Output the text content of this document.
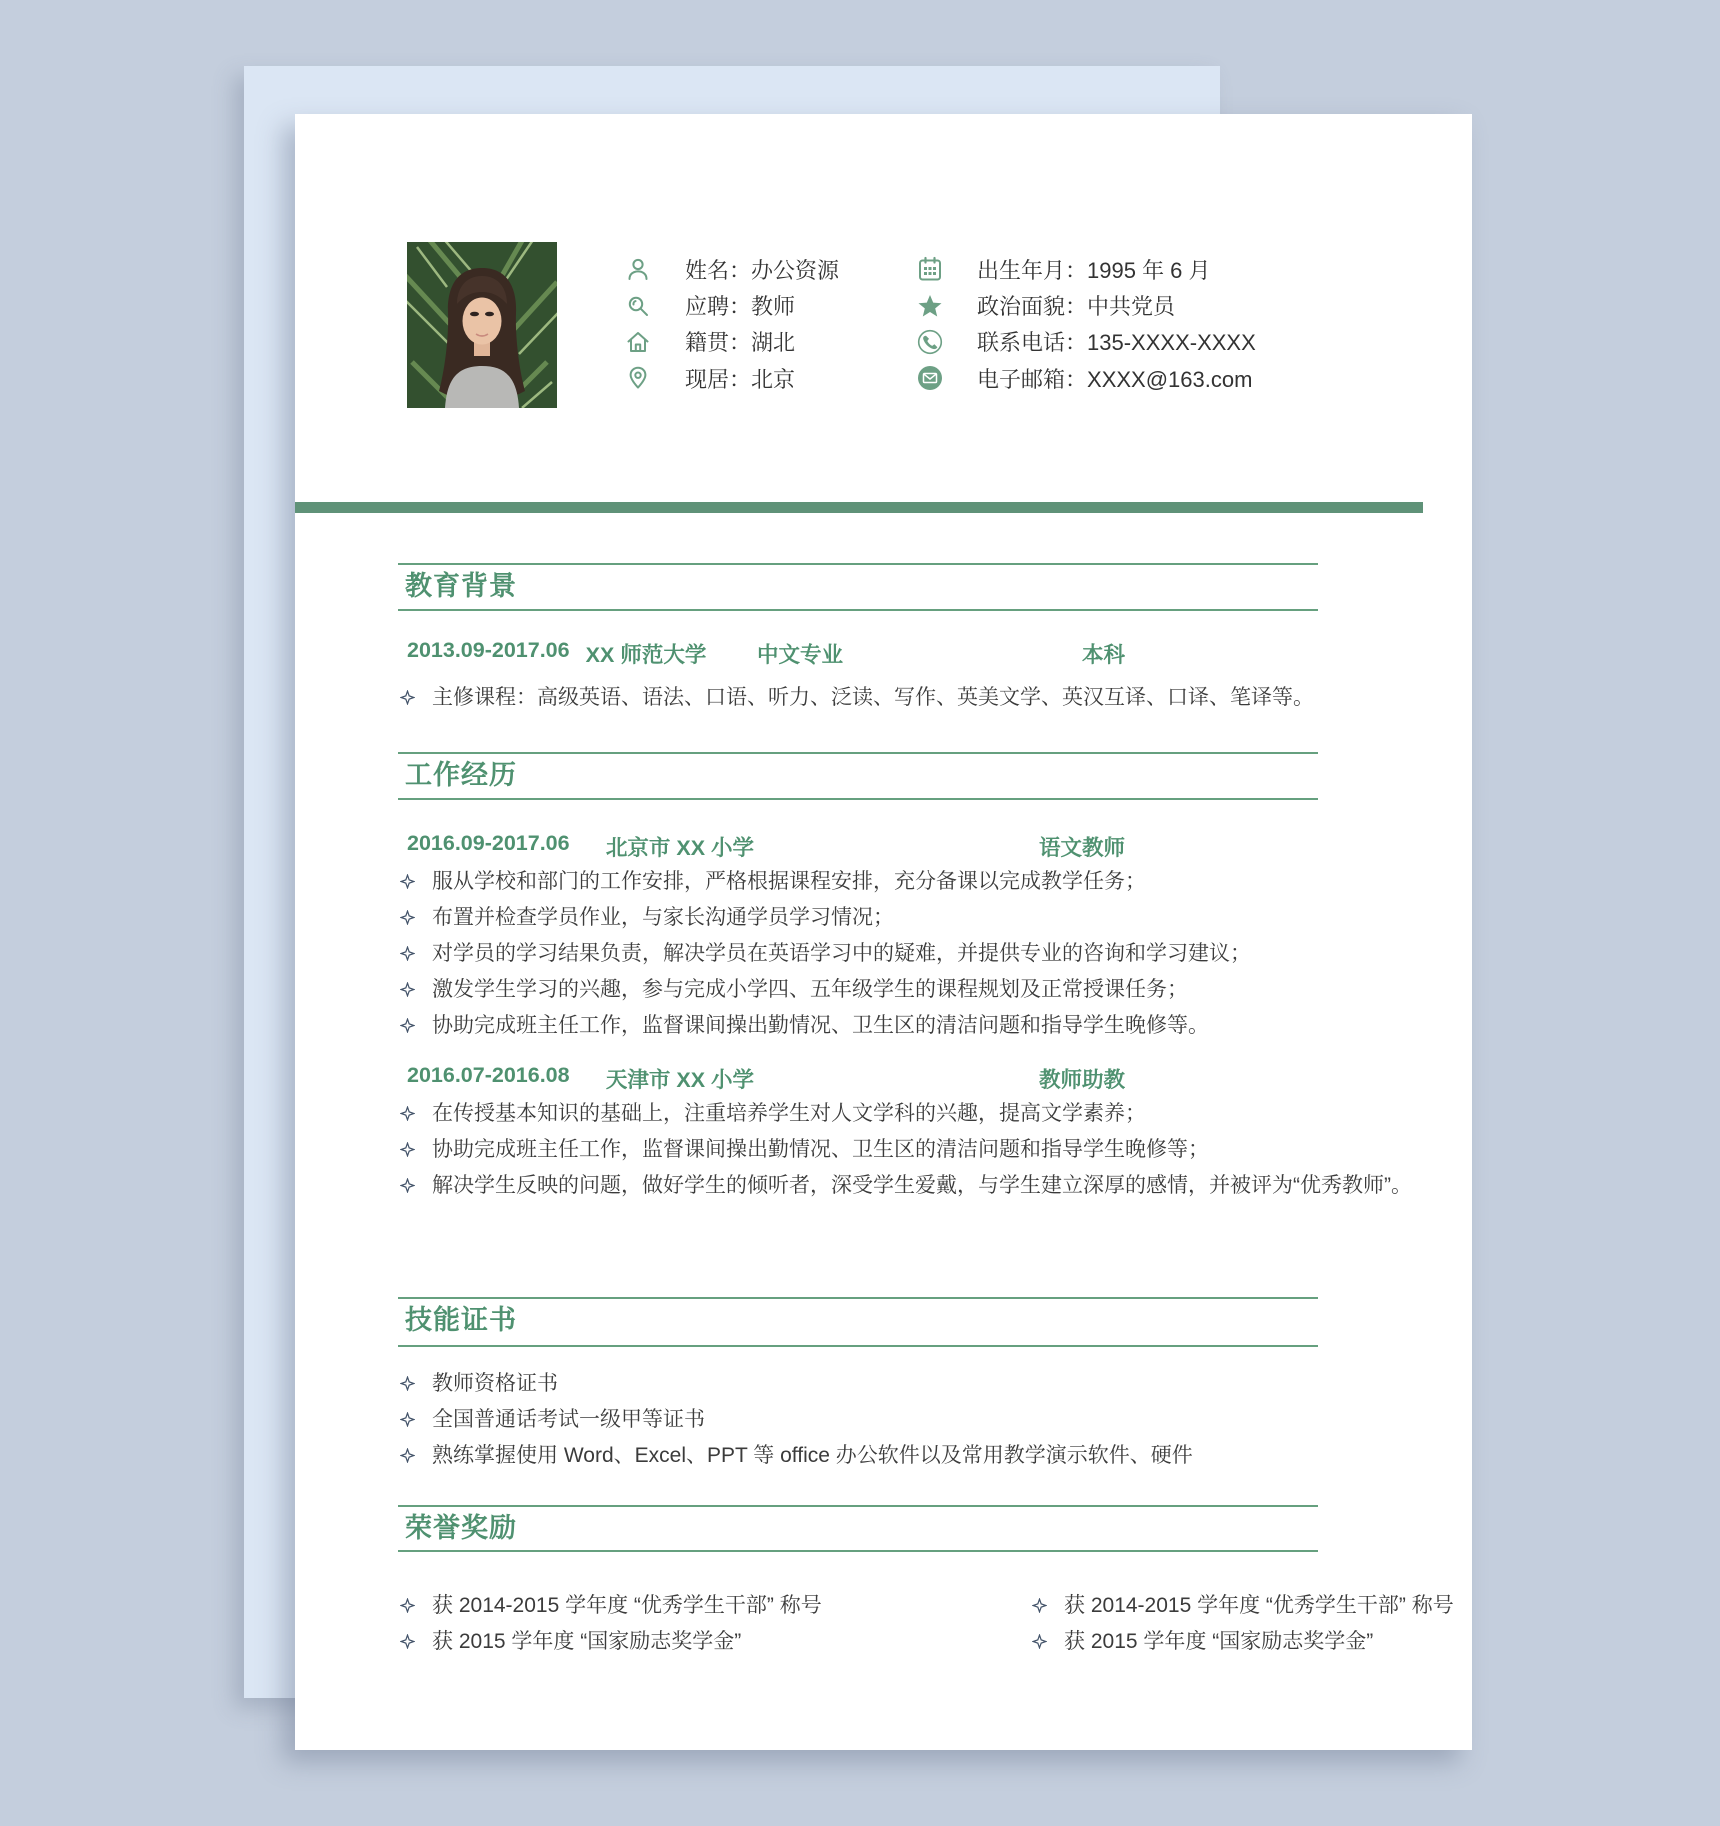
姓名：办公资源
应聘：教师
籍贯：湖北
现居：北京
出生年月：1995 年 6 月
政治面貌：中共党员
联系电话：135-XXXX-XXXX
电子邮箱：XXXX@163.com
教育背景
2013.09-2017.06 XX 师范大学 中文专业	本科
主修课程：高级英语、语法、口语、听力、泛读、写作、英美文学、英汉互译、口译、笔译等。
工作经历
2016.09-2017.06 北京市 XX 小学	语文教师
服从学校和部门的工作安排，严格根据课程安排，充分备课以完成教学任务；
布置并检查学员作业，与家长沟通学员学习情况；
对学员的学习结果负责，解决学员在英语学习中的疑难，并提供专业的咨询和学习建议；
激发学生学习的兴趣，参与完成小学四、五年级学生的课程规划及正常授课任务；
协助完成班主任工作，监督课间操出勤情况、卫生区的清洁问题和指导学生晚修等。
2016.07-2016.08 天津市 XX 小学	教师助教
在传授基本知识的基础上，注重培养学生对人文学科的兴趣，提高文学素养；
协助完成班主任工作，监督课间操出勤情况、卫生区的清洁问题和指导学生晚修等；
解决学生反映的问题，做好学生的倾听者，深受学生爱戴，与学生建立深厚的感情，并被评为“优秀教师”。
技能证书
教师资格证书
全国普通话考试一级甲等证书
熟练掌握使用 Word、Excel、PPT 等 office 办公软件以及常用教学演示软件、硬件
荣誉奖励
获 2014-2015 学年度 “优秀学生干部” 称号
获 2015 学年度 “国家励志奖学金”
获 2014-2015 学年度 “优秀学生干部” 称号
获 2015 学年度 “国家励志奖学金”
